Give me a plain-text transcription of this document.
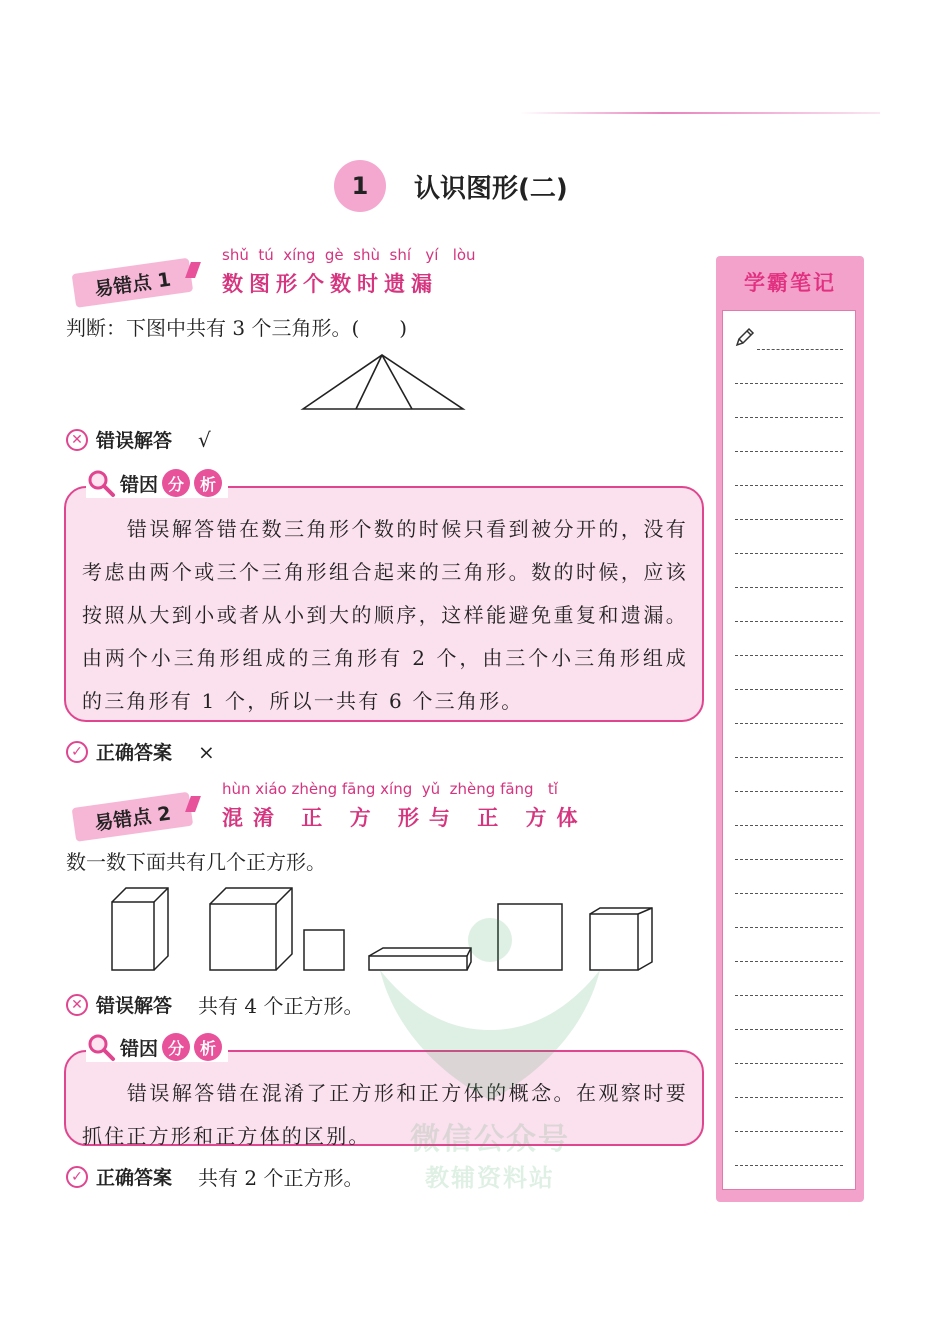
1	认识图形(二)
易错点 1
shǔ  tú  xíng  gè  shù  shí   yí   lòu
数图形个数时遗漏
判断：下图中共有 3 个三角形。(　　)
✕ 错误解答 √
　　错误解答错在数三角形个数的时候只看到被分开的，没有考虑由两个或三个三角形组合起来的三角形。数的时候，应该按照从大到小或者从小到大的顺序，这样能避免重复和遗漏。由两个小三角形组成的三角形有 2 个，由三个小三角形组成的三角形有 1 个，所以一共有 6 个三角形。
错因 分 析
✓ 正确答案 ×
易错点 2
hùn xiáo zhèng fāng xíng  yǔ  zhèng fāng   tǐ
混淆 正 方 形与 正 方体
数一数下面共有几个正方形。
✕ 错误解答 共有 4 个正方形。
　　错误解答错在混淆了正方形和正方体的概念。在观察时要抓住正方形和正方体的区别。
错因 分 析
✓ 正确答案 共有 2 个正方形。
学霸笔记
教辅资料站
